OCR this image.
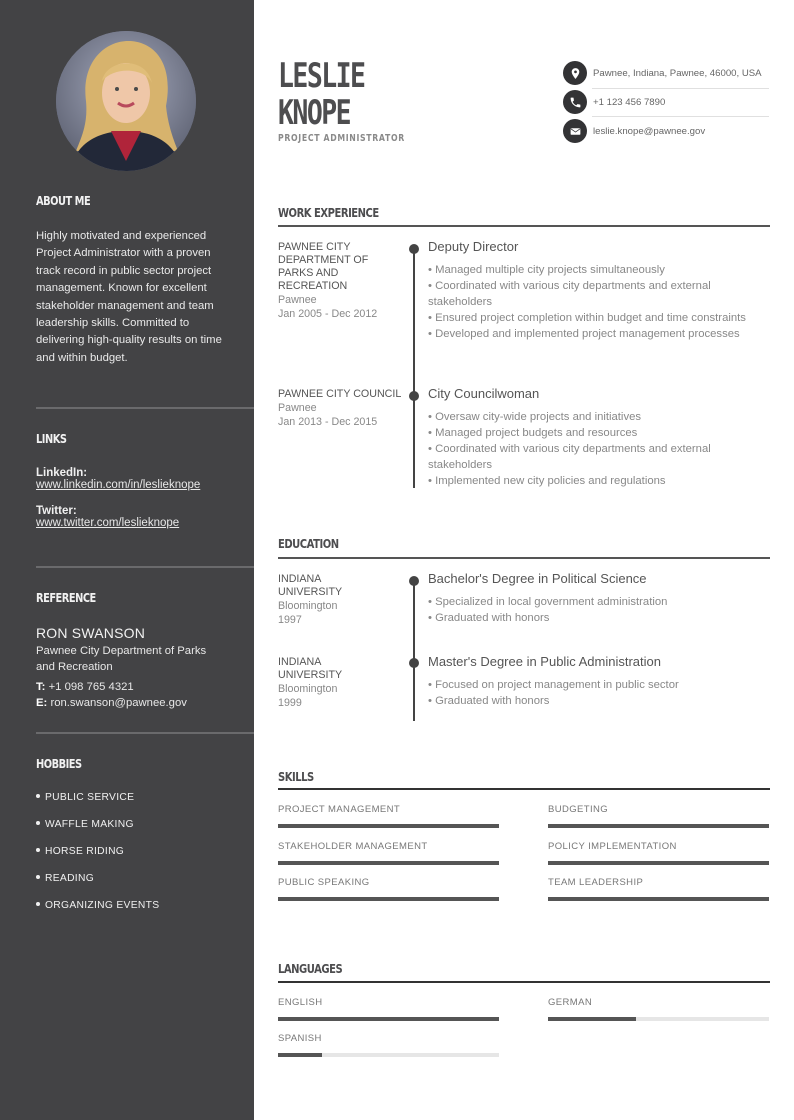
ABOUT ME
Highly motivated and experienced Project Administrator with a proven track record in public sector project management. Known for excellent stakeholder management and team leadership skills. Committed to delivering high-quality results on time and within budget.
LINKS
LinkedIn:
www.linkedin.com/in/leslieknope
Twitter:
www.twitter.com/leslieknope
REFERENCE
RON SWANSON
Pawnee City Department of Parks and Recreation
T: +1 098 765 4321
E: ron.swanson@pawnee.gov
HOBBIES
PUBLIC SERVICE
WAFFLE MAKING
HORSE RIDING
READING
ORGANIZING EVENTS
LESLIE
KNOPE
PROJECT ADMINISTRATOR
Pawnee, Indiana, Pawnee, 46000, USA
+1 123 456 7890
leslie.knope@pawnee.gov
WORK EXPERIENCE
PAWNEE CITY DEPARTMENT OF PARKS AND RECREATION
Pawnee
Jan 2005 - Dec 2012
Deputy Director
• Managed multiple city projects simultaneously
• Coordinated with various city departments and external stakeholders
• Ensured project completion within budget and time constraints
• Developed and implemented project management processes
PAWNEE CITY COUNCIL
Pawnee
Jan 2013 - Dec 2015
City Councilwoman
• Oversaw city-wide projects and initiatives
• Managed project budgets and resources
• Coordinated with various city departments and external stakeholders
• Implemented new city policies and regulations
EDUCATION
INDIANA UNIVERSITY
Bloomington
1997
Bachelor's Degree in Political Science
• Specialized in local government administration
• Graduated with honors
INDIANA UNIVERSITY
Bloomington
1999
Master's Degree in Public Administration
• Focused on project management in public sector
• Graduated with honors
SKILLS
PROJECT MANAGEMENT	BUDGETING
STAKEHOLDER MANAGEMENT	POLICY IMPLEMENTATION
PUBLIC SPEAKING	TEAM LEADERSHIP
LANGUAGES
ENGLISH	GERMAN
SPANISH
